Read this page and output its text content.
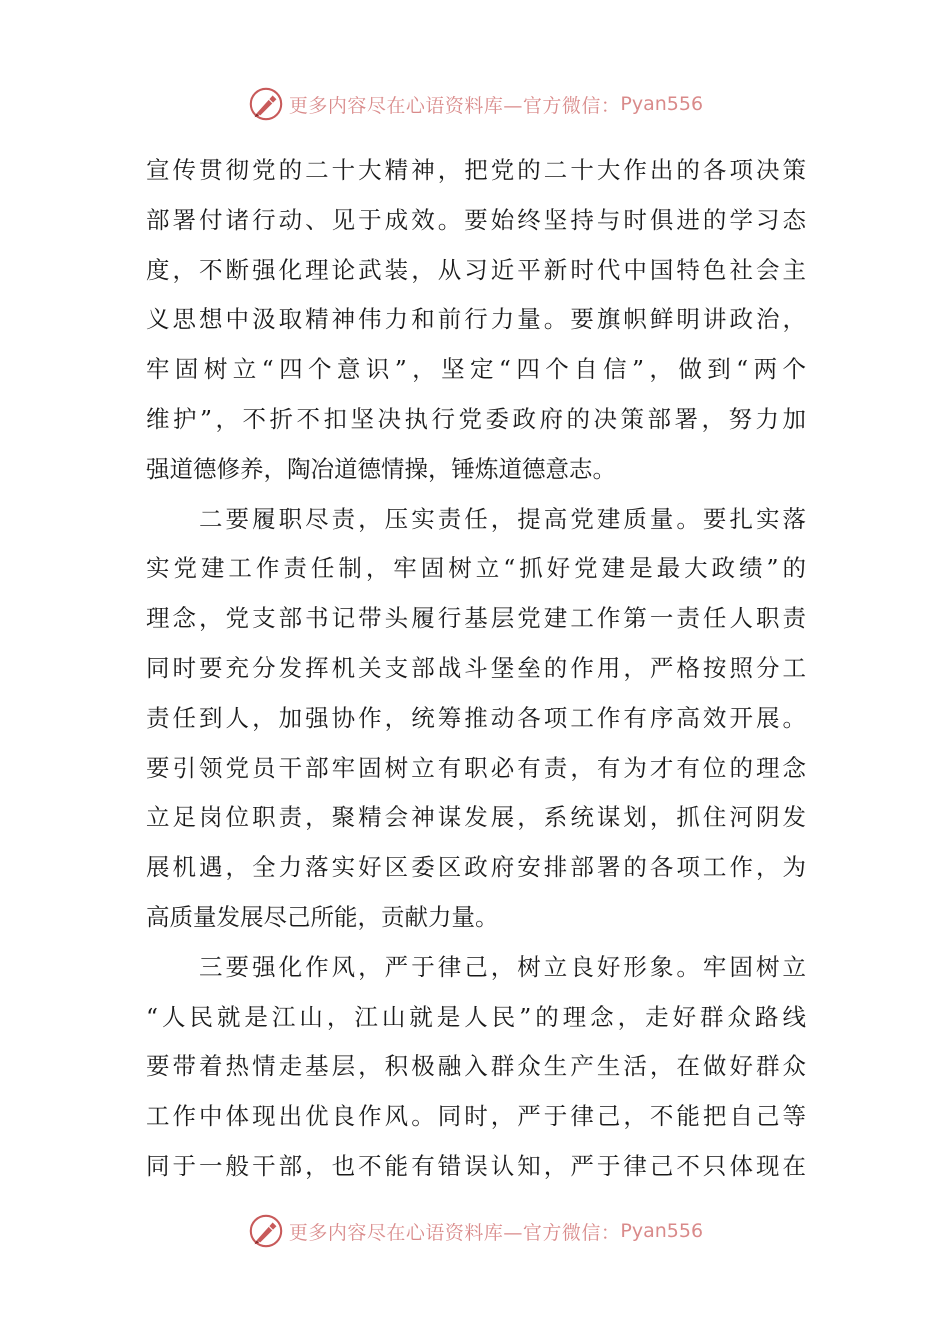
更多内容尽在心语资料库—官方微信： Pyan556
宣传贯彻党的二十大精神，把党的二十大作出的各项决策
部署付诸行动、见于成效。要始终坚持与时俱进的学习态
度，不断强化理论武装，从习近平新时代中国特色社会主
义思想中汲取精神伟力和前行力量。要旗帜鲜明讲政治，
牢固树立“四个意识”，坚定“四个自信”，做到“两个
维护”，不折不扣坚决执行党委政府的决策部署，努力加
强道德修养，陶冶道德情操，锤炼道德意志。
　　二要履职尽责，压实责任，提高党建质量。要扎实落
实党建工作责任制，牢固树立“抓好党建是最大政绩”的
理念，党支部书记带头履行基层党建工作第一责任人职责
同时要充分发挥机关支部战斗堡垒的作用，严格按照分工
责任到人，加强协作，统筹推动各项工作有序高效开展。
要引领党员干部牢固树立有职必有责，有为才有位的理念
立足岗位职责，聚精会神谋发展，系统谋划，抓住河阴发
展机遇，全力落实好区委区政府安排部署的各项工作，为
高质量发展尽己所能，贡献力量。
　　三要强化作风，严于律己，树立良好形象。牢固树立
“人民就是江山，江山就是人民”的理念，走好群众路线
要带着热情走基层，积极融入群众生产生活，在做好群众
工作中体现出优良作风。同时，严于律己，不能把自己等
同于一般干部，也不能有错误认知，严于律己不只体现在
更多内容尽在心语资料库—官方微信： Pyan556
